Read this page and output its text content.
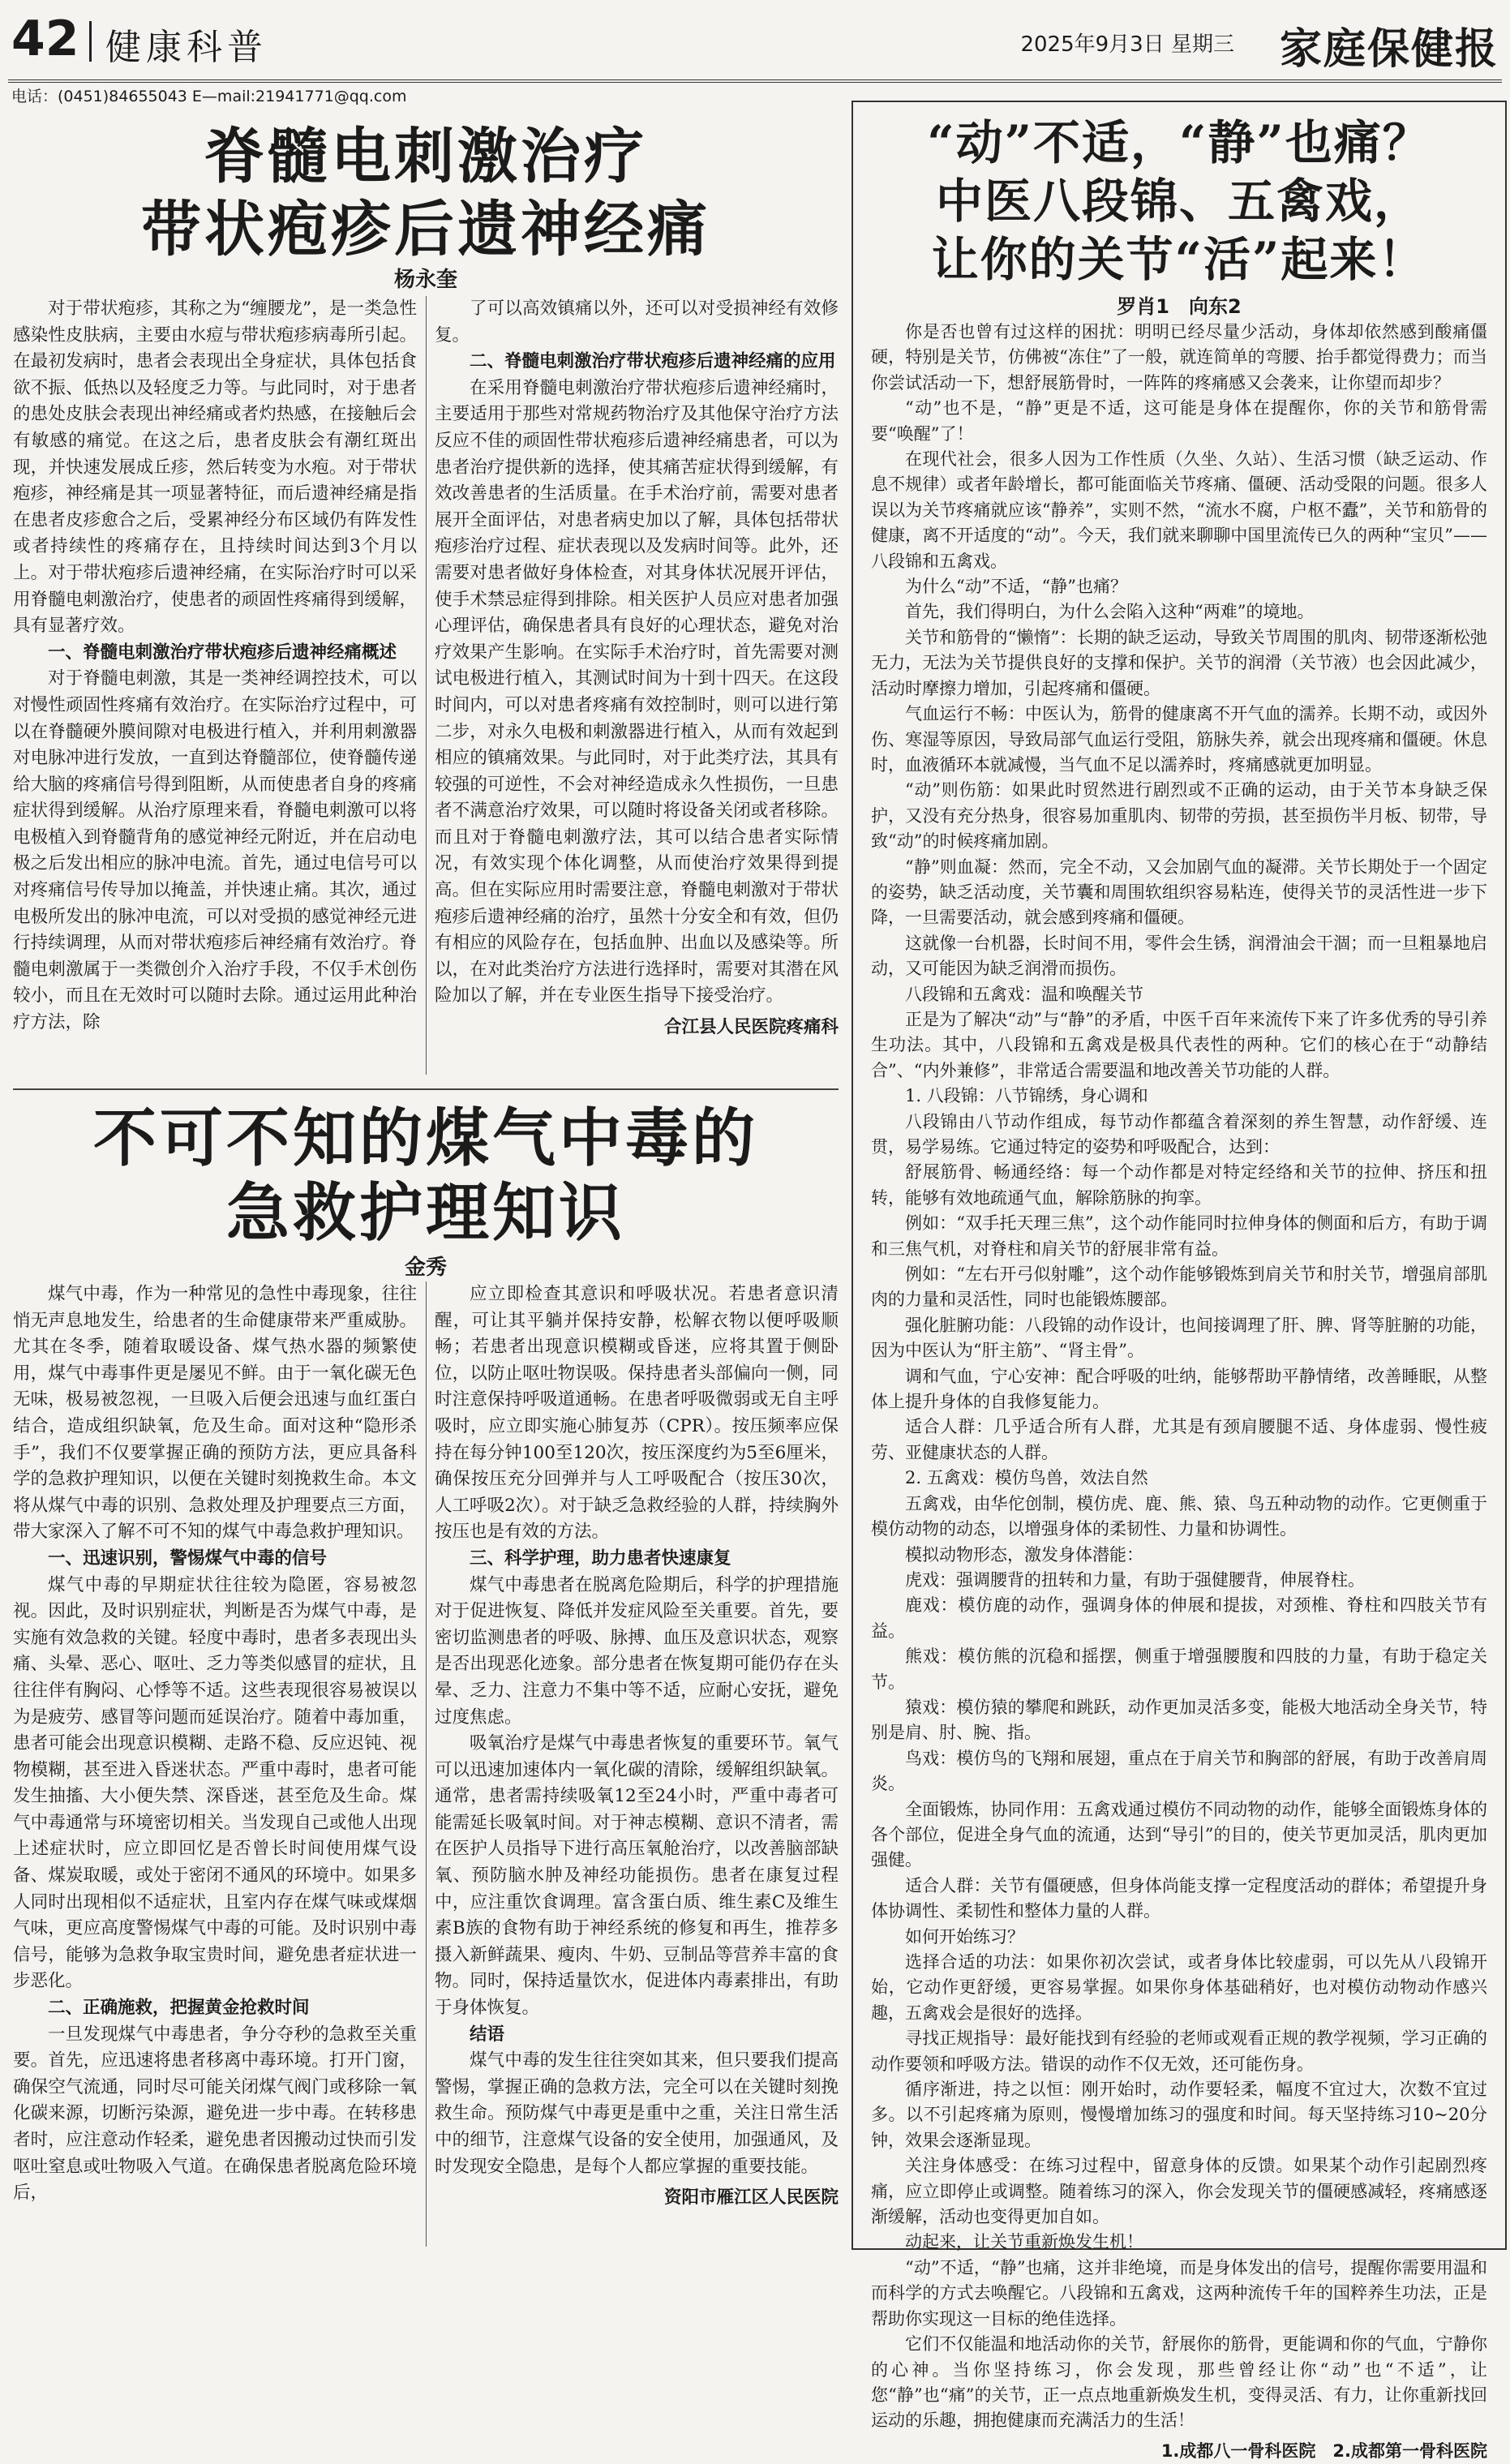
42 健康科普	2025年9月3日 星期三 家庭保健报
电话：(0451)84655043 E—mail:21941771@qq.com
脊髓电刺激治疗
带状疱疹后遗神经痛
杨永奎

对于带状疱疹，其称之为“缠腰龙”，是一类急性感染性皮肤病，主要由水痘与带状疱疹病毒所引起。在最初发病时，患者会表现出全身症状，具体包括食欲不振、低热以及轻度乏力等。与此同时，对于患者的患处皮肤会表现出神经痛或者灼热感，在接触后会有敏感的痛觉。在这之后，患者皮肤会有潮红斑出现，并快速发展成丘疹，然后转变为水疱。对于带状疱疹，神经痛是其一项显著特征，而后遗神经痛是指在患者皮疹愈合之后，受累神经分布区域仍有阵发性或者持续性的疼痛存在，且持续时间达到3个月以上。对于带状疱疹后遗神经痛，在实际治疗时可以采用脊髓电刺激治疗，使患者的顽固性疼痛得到缓解，具有显著疗效。

一、脊髓电刺激治疗带状疱疹后遗神经痛概述

对于脊髓电刺激，其是一类神经调控技术，可以对慢性顽固性疼痛有效治疗。在实际治疗过程中，可以在脊髓硬外膜间隙对电极进行植入，并利用刺激器对电脉冲进行发放，一直到达脊髓部位，使脊髓传递给大脑的疼痛信号得到阻断，从而使患者自身的疼痛症状得到缓解。从治疗原理来看，脊髓电刺激可以将电极植入到脊髓背角的感觉神经元附近，并在启动电极之后发出相应的脉冲电流。首先，通过电信号可以对疼痛信号传导加以掩盖，并快速止痛。其次，通过电极所发出的脉冲电流，可以对受损的感觉神经元进行持续调理，从而对带状疱疹后神经痛有效治疗。脊髓电刺激属于一类微创介入治疗手段，不仅手术创伤较小，而且在无效时可以随时去除。通过运用此种治疗方法，除

了可以高效镇痛以外，还可以对受损神经有效修复。

二、脊髓电刺激治疗带状疱疹后遗神经痛的应用

在采用脊髓电刺激治疗带状疱疹后遗神经痛时，主要适用于那些对常规药物治疗及其他保守治疗方法反应不佳的顽固性带状疱疹后遗神经痛患者，可以为患者治疗提供新的选择，使其痛苦症状得到缓解，有效改善患者的生活质量。在手术治疗前，需要对患者展开全面评估，对患者病史加以了解，具体包括带状疱疹治疗过程、症状表现以及发病时间等。此外，还需要对患者做好身体检查，对其身体状况展开评估，使手术禁忌症得到排除。相关医护人员应对患者加强心理评估，确保患者具有良好的心理状态，避免对治疗效果产生影响。在实际手术治疗时，首先需要对测试电极进行植入，其测试时间为十到十四天。在这段时间内，可以对患者疼痛有效控制时，则可以进行第二步，对永久电极和刺激器进行植入，从而有效起到相应的镇痛效果。与此同时，对于此类疗法，其具有较强的可逆性，不会对神经造成永久性损伤，一旦患者不满意治疗效果，可以随时将设备关闭或者移除。而且对于脊髓电刺激疗法，其可以结合患者实际情况，有效实现个体化调整，从而使治疗效果得到提高。但在实际应用时需要注意，脊髓电刺激对于带状疱疹后遗神经痛的治疗，虽然十分安全和有效，但仍有相应的风险存在，包括血肿、出血以及感染等。所以，在对此类治疗方法进行选择时，需要对其潜在风险加以了解，并在专业医生指导下接受治疗。

合江县人民医院疼痛科

不可不知的煤气中毒的
急救护理知识
金秀

煤气中毒，作为一种常见的急性中毒现象，往往悄无声息地发生，给患者的生命健康带来严重威胁。尤其在冬季，随着取暖设备、煤气热水器的频繁使用，煤气中毒事件更是屡见不鲜。由于一氧化碳无色无味，极易被忽视，一旦吸入后便会迅速与血红蛋白结合，造成组织缺氧，危及生命。面对这种“隐形杀手”，我们不仅要掌握正确的预防方法，更应具备科学的急救护理知识，以便在关键时刻挽救生命。本文将从煤气中毒的识别、急救处理及护理要点三方面，带大家深入了解不可不知的煤气中毒急救护理知识。

一、迅速识别，警惕煤气中毒的信号

煤气中毒的早期症状往往较为隐匿，容易被忽视。因此，及时识别症状，判断是否为煤气中毒，是实施有效急救的关键。轻度中毒时，患者多表现出头痛、头晕、恶心、呕吐、乏力等类似感冒的症状，且往往伴有胸闷、心悸等不适。这些表现很容易被误以为是疲劳、感冒等问题而延误治疗。随着中毒加重，患者可能会出现意识模糊、走路不稳、反应迟钝、视物模糊，甚至进入昏迷状态。严重中毒时，患者可能发生抽搐、大小便失禁、深昏迷，甚至危及生命。煤气中毒通常与环境密切相关。当发现自己或他人出现上述症状时，应立即回忆是否曾长时间使用煤气设备、煤炭取暖，或处于密闭不通风的环境中。如果多人同时出现相似不适症状，且室内存在煤气味或煤烟气味，更应高度警惕煤气中毒的可能。及时识别中毒信号，能够为急救争取宝贵时间，避免患者症状进一步恶化。

二、正确施救，把握黄金抢救时间

一旦发现煤气中毒患者，争分夺秒的急救至关重要。首先，应迅速将患者移离中毒环境。打开门窗，确保空气流通，同时尽可能关闭煤气阀门或移除一氧化碳来源，切断污染源，避免进一步中毒。在转移患者时，应注意动作轻柔，避免患者因搬动过快而引发呕吐窒息或吐物吸入气道。在确保患者脱离危险环境后，

应立即检查其意识和呼吸状况。若患者意识清醒，可让其平躺并保持安静，松解衣物以便呼吸顺畅；若患者出现意识模糊或昏迷，应将其置于侧卧位，以防止呕吐物误吸。保持患者头部偏向一侧，同时注意保持呼吸道通畅。在患者呼吸微弱或无自主呼吸时，应立即实施心肺复苏（CPR）。按压频率应保持在每分钟100至120次，按压深度约为5至6厘米，确保按压充分回弹并与人工呼吸配合（按压30次，人工呼吸2次）。对于缺乏急救经验的人群，持续胸外按压也是有效的方法。

三、科学护理，助力患者快速康复

煤气中毒患者在脱离危险期后，科学的护理措施对于促进恢复、降低并发症风险至关重要。首先，要密切监测患者的呼吸、脉搏、血压及意识状态，观察是否出现恶化迹象。部分患者在恢复期可能仍存在头晕、乏力、注意力不集中等不适，应耐心安抚，避免过度焦虑。

吸氧治疗是煤气中毒患者恢复的重要环节。氧气可以迅速加速体内一氧化碳的清除，缓解组织缺氧。通常，患者需持续吸氧12至24小时，严重中毒者可能需延长吸氧时间。对于神志模糊、意识不清者，需在医护人员指导下进行高压氧舱治疗，以改善脑部缺氧、预防脑水肿及神经功能损伤。患者在康复过程中，应注重饮食调理。富含蛋白质、维生素C及维生素B族的食物有助于神经系统的修复和再生，推荐多摄入新鲜蔬果、瘦肉、牛奶、豆制品等营养丰富的食物。同时，保持适量饮水，促进体内毒素排出，有助于身体恢复。

结语

煤气中毒的发生往往突如其来，但只要我们提高警惕，掌握正确的急救方法，完全可以在关键时刻挽救生命。预防煤气中毒更是重中之重，关注日常生活中的细节，注意煤气设备的安全使用，加强通风，及时发现安全隐患，是每个人都应掌握的重要技能。

资阳市雁江区人民医院

“动”不适，“静”也痛？
中医八段锦、五禽戏，
让你的关节“活”起来！
罗肖1　向东2

你是否也曾有过这样的困扰：明明已经尽量少活动，身体却依然感到酸痛僵硬，特别是关节，仿佛被“冻住”了一般，就连简单的弯腰、抬手都觉得费力；而当你尝试活动一下，想舒展筋骨时，一阵阵的疼痛感又会袭来，让你望而却步？

“动”也不是，“静”更是不适，这可能是身体在提醒你，你的关节和筋骨需要“唤醒”了！

在现代社会，很多人因为工作性质（久坐、久站）、生活习惯（缺乏运动、作息不规律）或者年龄增长，都可能面临关节疼痛、僵硬、活动受限的问题。很多人误以为关节疼痛就应该“静养”，实则不然，“流水不腐，户枢不蠹”，关节和筋骨的健康，离不开适度的“动”。今天，我们就来聊聊中国里流传已久的两种“宝贝”——八段锦和五禽戏。

为什么“动”不适，“静”也痛？

首先，我们得明白，为什么会陷入这种“两难”的境地。

关节和筋骨的“懒惰”：长期的缺乏运动，导致关节周围的肌肉、韧带逐渐松弛无力，无法为关节提供良好的支撑和保护。关节的润滑（关节液）也会因此减少，活动时摩擦力增加，引起疼痛和僵硬。

气血运行不畅：中医认为，筋骨的健康离不开气血的濡养。长期不动，或因外伤、寒湿等原因，导致局部气血运行受阻，筋脉失养，就会出现疼痛和僵硬。休息时，血液循环本就减慢，当气血不足以濡养时，疼痛感就更加明显。

“动”则伤筋：如果此时贸然进行剧烈或不正确的运动，由于关节本身缺乏保护，又没有充分热身，很容易加重肌肉、韧带的劳损，甚至损伤半月板、韧带，导致“动”的时候疼痛加剧。

“静”则血凝：然而，完全不动，又会加剧气血的凝滞。关节长期处于一个固定的姿势，缺乏活动度，关节囊和周围软组织容易粘连，使得关节的灵活性进一步下降，一旦需要活动，就会感到疼痛和僵硬。

这就像一台机器，长时间不用，零件会生锈，润滑油会干涸；而一旦粗暴地启动，又可能因为缺乏润滑而损伤。

八段锦和五禽戏：温和唤醒关节

正是为了解决“动”与“静”的矛盾，中医千百年来流传下来了许多优秀的导引养生功法。其中，八段锦和五禽戏是极具代表性的两种。它们的核心在于“动静结合”、“内外兼修”，非常适合需要温和地改善关节功能的人群。

1. 八段锦：八节锦绣，身心调和

八段锦由八节动作组成，每节动作都蕴含着深刻的养生智慧，动作舒缓、连贯，易学易练。它通过特定的姿势和呼吸配合，达到：

舒展筋骨、畅通经络：每一个动作都是对特定经络和关节的拉伸、挤压和扭转，能够有效地疏通气血，解除筋脉的拘挛。

例如：“双手托天理三焦”，这个动作能同时拉伸身体的侧面和后方，有助于调和三焦气机，对脊柱和肩关节的舒展非常有益。

例如：“左右开弓似射雕”，这个动作能够锻炼到肩关节和肘关节，增强肩部肌肉的力量和灵活性，同时也能锻炼腰部。

强化脏腑功能：八段锦的动作设计，也间接调理了肝、脾、肾等脏腑的功能，因为中医认为“肝主筋”、“肾主骨”。

调和气血，宁心安神：配合呼吸的吐纳，能够帮助平静情绪，改善睡眠，从整体上提升身体的自我修复能力。

适合人群：几乎适合所有人群，尤其是有颈肩腰腿不适、身体虚弱、慢性疲劳、亚健康状态的人群。

2. 五禽戏：模仿鸟兽，效法自然

五禽戏，由华佗创制，模仿虎、鹿、熊、猿、鸟五种动物的动作。它更侧重于模仿动物的动态，以增强身体的柔韧性、力量和协调性。

模拟动物形态，激发身体潜能：

虎戏：强调腰背的扭转和力量，有助于强健腰背，伸展脊柱。

鹿戏：模仿鹿的动作，强调身体的伸展和提拔，对颈椎、脊柱和四肢关节有益。

熊戏：模仿熊的沉稳和摇摆，侧重于增强腰腹和四肢的力量，有助于稳定关节。

猿戏：模仿猿的攀爬和跳跃，动作更加灵活多变，能极大地活动全身关节，特别是肩、肘、腕、指。

鸟戏：模仿鸟的飞翔和展翅，重点在于肩关节和胸部的舒展，有助于改善肩周炎。

全面锻炼，协同作用：五禽戏通过模仿不同动物的动作，能够全面锻炼身体的各个部位，促进全身气血的流通，达到“导引”的目的，使关节更加灵活，肌肉更加强健。

适合人群：关节有僵硬感，但身体尚能支撑一定程度活动的群体；希望提升身体协调性、柔韧性和整体力量的人群。

如何开始练习？

选择合适的功法：如果你初次尝试，或者身体比较虚弱，可以先从八段锦开始，它动作更舒缓，更容易掌握。如果你身体基础稍好，也对模仿动物动作感兴趣，五禽戏会是很好的选择。

寻找正规指导：最好能找到有经验的老师或观看正规的教学视频，学习正确的动作要领和呼吸方法。错误的动作不仅无效，还可能伤身。

循序渐进，持之以恒：刚开始时，动作要轻柔，幅度不宜过大，次数不宜过多。以不引起疼痛为原则，慢慢增加练习的强度和时间。每天坚持练习10~20分钟，效果会逐渐显现。

关注身体感受：在练习过程中，留意身体的反馈。如果某个动作引起剧烈疼痛，应立即停止或调整。随着练习的深入，你会发现关节的僵硬感减轻，疼痛感逐渐缓解，活动也变得更加自如。

动起来，让关节重新焕发生机！

“动”不适，“静”也痛，这并非绝境，而是身体发出的信号，提醒你需要用温和而科学的方式去唤醒它。八段锦和五禽戏，这两种流传千年的国粹养生功法，正是帮助你实现这一目标的绝佳选择。

它们不仅能温和地活动你的关节，舒展你的筋骨，更能调和你的气血，宁静你的心神。当你坚持练习，你会发现，那些曾经让你“动”也“不适”，让您“静”也“痛”的关节，正一点点地重新焕发生机，变得灵活、有力，让你重新找回运动的乐趣，拥抱健康而充满活力的生活！

1.成都八一骨科医院　2.成都第一骨科医院
